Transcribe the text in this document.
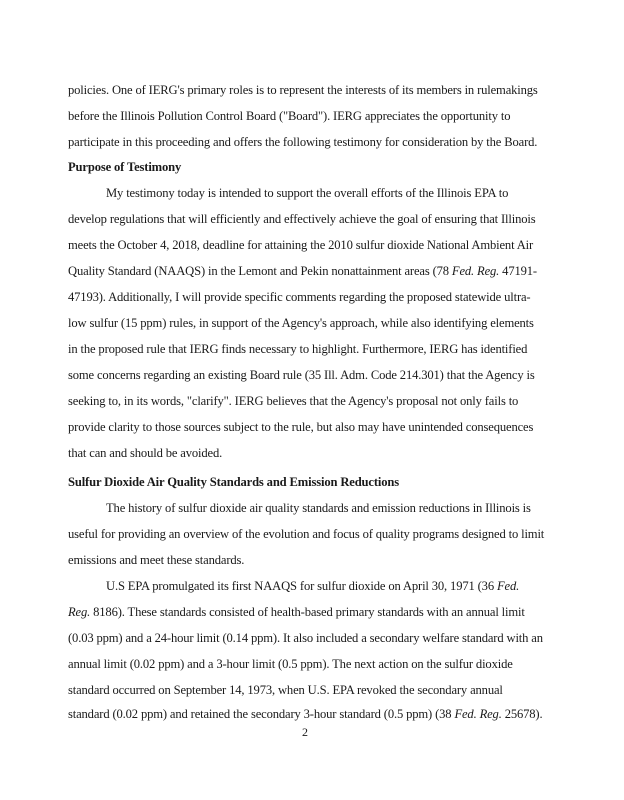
policies. One of IERG's primary roles is to represent the interests of its members in rulemakings
before the Illinois Pollution Control Board ("Board"). IERG appreciates the opportunity to
participate in this proceeding and offers the following testimony for consideration by the Board.
Purpose of Testimony
My testimony today is intended to support the overall efforts of the Illinois EPA to
develop regulations that will efficiently and effectively achieve the goal of ensuring that Illinois
meets the October 4, 2018, deadline for attaining the 2010 sulfur dioxide National Ambient Air
Quality Standard (NAAQS) in the Lemont and Pekin nonattainment areas (78 Fed. Reg. 47191-
47193). Additionally, I will provide specific comments regarding the proposed statewide ultra-
low sulfur (15 ppm) rules, in support of the Agency's approach, while also identifying elements
in the proposed rule that IERG finds necessary to highlight. Furthermore, IERG has identified
some concerns regarding an existing Board rule (35 Ill. Adm. Code 214.301) that the Agency is
seeking to, in its words, "clarify". IERG believes that the Agency's proposal not only fails to
provide clarity to those sources subject to the rule, but also may have unintended consequences
that can and should be avoided.
Sulfur Dioxide Air Quality Standards and Emission Reductions
The history of sulfur dioxide air quality standards and emission reductions in Illinois is
useful for providing an overview of the evolution and focus of quality programs designed to limit
emissions and meet these standards.
U.S EPA promulgated its first NAAQS for sulfur dioxide on April 30, 1971 (36 Fed.
Reg. 8186). These standards consisted of health-based primary standards with an annual limit
(0.03 ppm) and a 24-hour limit (0.14 ppm). It also included a secondary welfare standard with an
annual limit (0.02 ppm) and a 3-hour limit (0.5 ppm). The next action on the sulfur dioxide
standard occurred on September 14, 1973, when U.S. EPA revoked the secondary annual
standard (0.02 ppm) and retained the secondary 3-hour standard (0.5 ppm) (38 Fed. Reg. 25678).
2
